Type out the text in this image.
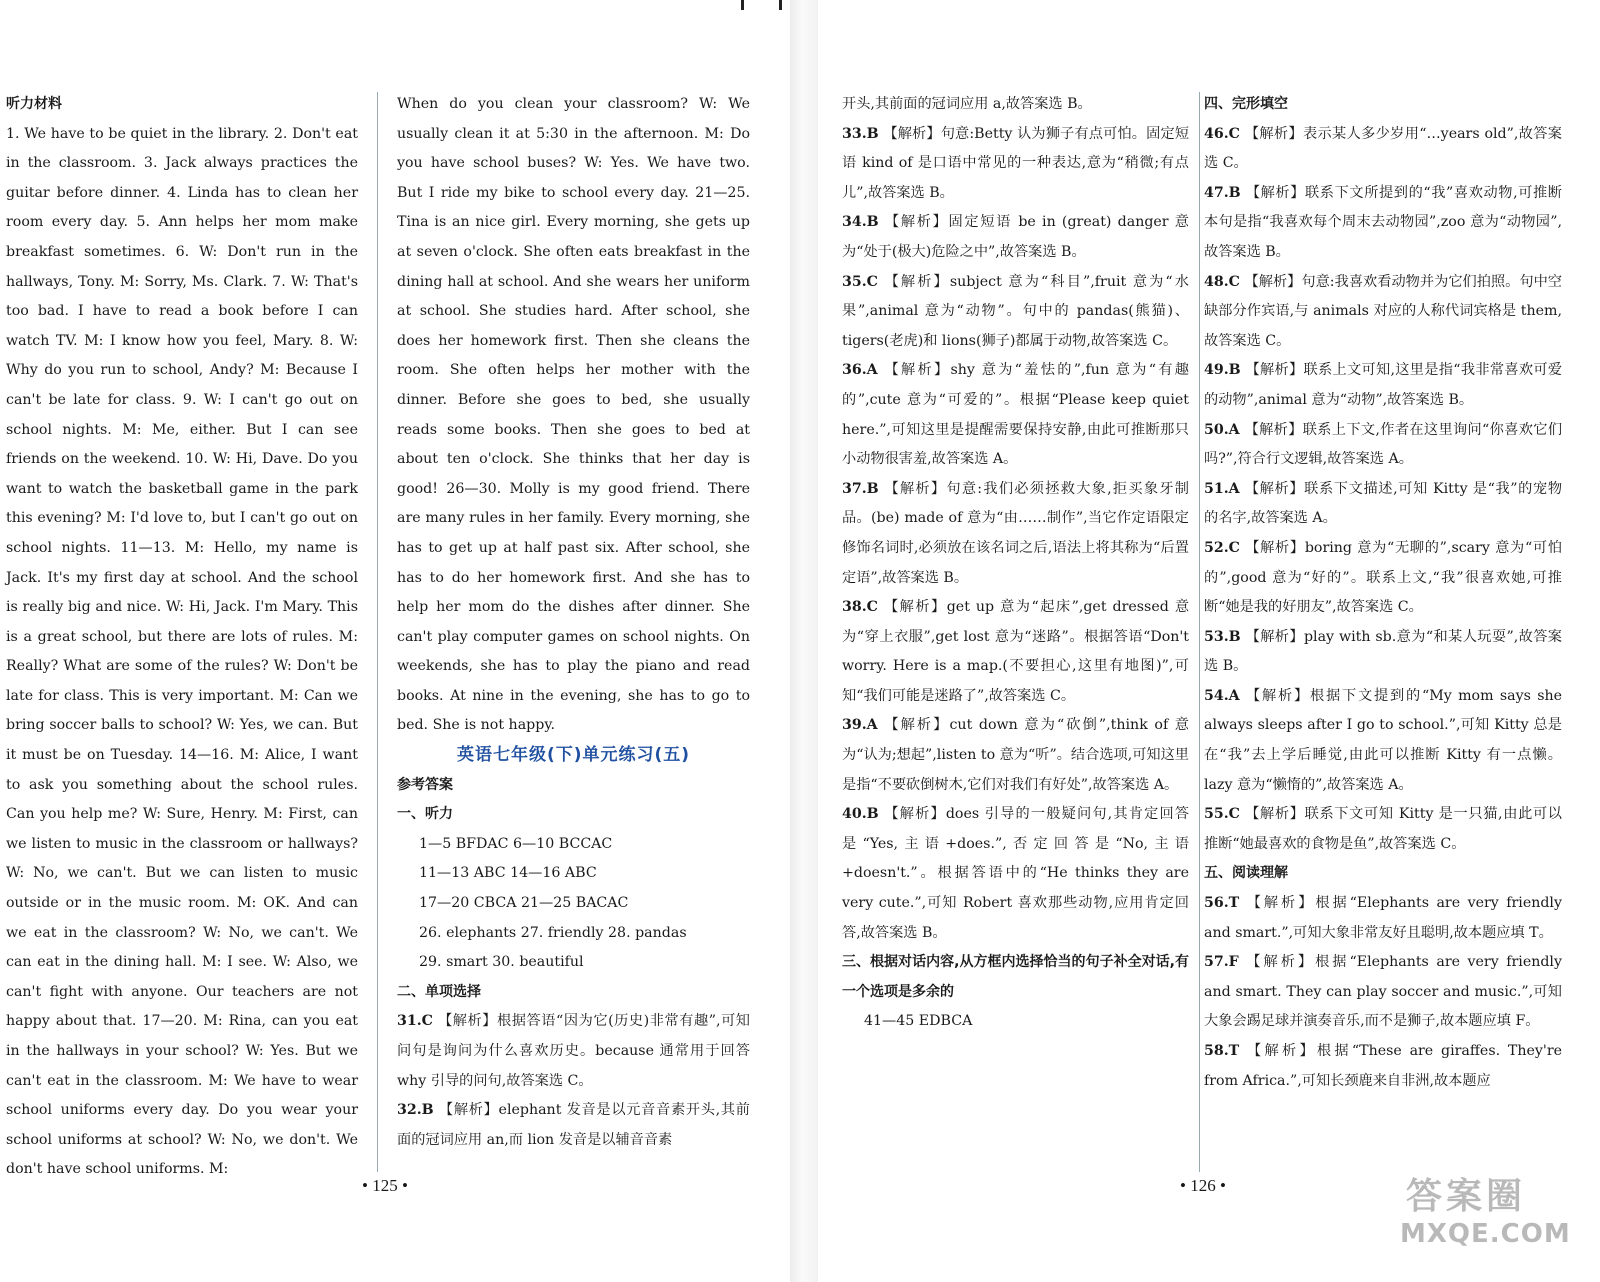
听力材料

1. We have to be quiet in the library. 2. Don't eat in the classroom. 3. Jack always practices the guitar before dinner. 4. Linda has to clean her room every day. 5. Ann helps her mom make breakfast sometimes. 6. W: Don't run in the hallways, Tony. M: Sorry, Ms. Clark. 7. W: That's too bad. I have to read a book before I can watch TV. M: I know how you feel, Mary. 8. W: Why do you run to school, Andy? M: Because I can't be late for class. 9. W: I can't go out on school nights. M: Me, either. But I can see friends on the weekend. 10. W: Hi, Dave. Do you want to watch the basketball game in the park this evening? M: I'd love to, but I can't go out on school nights. 11—13. M: Hello, my name is Jack. It's my first day at school. And the school is really big and nice. W: Hi, Jack. I'm Mary. This is a great school, but there are lots of rules. M: Really? What are some of the rules? W: Don't be late for class. This is very important. M: Can we bring soccer balls to school? W: Yes, we can. But it must be on Tuesday. 14—16. M: Alice, I want to ask you something about the school rules. Can you help me? W: Sure, Henry. M: First, can we listen to music in the classroom or hallways? W: No, we can't. But we can listen to music outside or in the music room. M: OK. And can we eat in the classroom? W: No, we can't. We can eat in the dining hall. M: I see. W: Also, we can't fight with anyone. Our teachers are not happy about that. 17—20. M: Rina, can you eat in the hallways in your school? W: Yes. But we can't eat in the classroom. M: We have to wear school uniforms every day. Do you wear your school uniforms at school? W: No, we don't. We don't have school uniforms. M:

When do you clean your classroom? W: We usually clean it at 5:30 in the afternoon. M: Do you have school buses? W: Yes. We have two. But I ride my bike to school every day. 21—25. Tina is an nice girl. Every morning, she gets up at seven o'clock. She often eats breakfast in the dining hall at school. And she wears her uniform at school. She studies hard. After school, she does her homework first. Then she cleans the room. She often helps her mother with the dinner. Before she goes to bed, she usually reads some books. Then she goes to bed at about ten o'clock. She thinks that her day is good! 26—30. Molly is my good friend. There are many rules in her family. Every morning, she has to get up at half past six. After school, she has to do her homework first. And she has to help her mom do the dishes after dinner. She can't play computer games on school nights. On weekends, she has to play the piano and read books. At nine in the evening, she has to go to bed. She is not happy.

英语七年级(下)单元练习(五)

参考答案

一、听力

1—5 BFDAC 6—10 BCCAC

11—13 ABC 14—16 ABC

17—20 CBCA 21—25 BACAC

26. elephants 27. friendly 28. pandas

29. smart 30. beautiful

二、单项选择

31.C 【解析】根据答语“因为它(历史)非常有趣”,可知问句是询问为什么喜欢历史。because 通常用于回答 why 引导的问句,故答案选 C。

32.B 【解析】elephant 发音是以元音音素开头,其前面的冠词应用 an,而 lion 发音是以辅音音素

• 125 •

开头,其前面的冠词应用 a,故答案选 B。

33.B 【解析】句意:Betty 认为狮子有点可怕。固定短语 kind of 是口语中常见的一种表达,意为“稍微;有点儿”,故答案选 B。

34.B 【解析】固定短语 be in (great) danger 意为“处于(极大)危险之中”,故答案选 B。

35.C 【解析】subject 意为“科目”,fruit 意为“水果”,animal 意为“动物”。句中的 pandas(熊猫)、tigers(老虎)和 lions(狮子)都属于动物,故答案选 C。

36.A 【解析】shy 意为“羞怯的”,fun 意为“有趣的”,cute 意为“可爱的”。根据“Please keep quiet here.”,可知这里是提醒需要保持安静,由此可推断那只小动物很害羞,故答案选 A。

37.B 【解析】句意:我们必须拯救大象,拒买象牙制品。(be) made of 意为“由……制作”,当它作定语限定修饰名词时,必须放在该名词之后,语法上将其称为“后置定语”,故答案选 B。

38.C 【解析】get up 意为“起床”,get dressed 意为“穿上衣服”,get lost 意为“迷路”。根据答语“Don't worry. Here is a map.(不要担心,这里有地图)”,可知“我们可能是迷路了”,故答案选 C。

39.A 【解析】cut down 意为“砍倒”,think of 意为“认为;想起”,listen to 意为“听”。结合选项,可知这里是指“不要砍倒树木,它们对我们有好处”,故答案选 A。

40.B 【解析】does 引导的一般疑问句,其肯定回答是“Yes,主语+does.”,否定回答是“No,主语+doesn't.”。根据答语中的“He thinks they are very cute.”,可知 Robert 喜欢那些动物,应用肯定回答,故答案选 B。

三、根据对话内容,从方框内选择恰当的句子补全对话,有一个选项是多余的

41—45 EDBCA

四、完形填空

46.C 【解析】表示某人多少岁用“…years old”,故答案选 C。

47.B 【解析】联系下文所提到的“我”喜欢动物,可推断本句是指“我喜欢每个周末去动物园”,zoo 意为“动物园”,故答案选 B。

48.C 【解析】句意:我喜欢看动物并为它们拍照。句中空缺部分作宾语,与 animals 对应的人称代词宾格是 them,故答案选 C。

49.B 【解析】联系上文可知,这里是指“我非常喜欢可爱的动物”,animal 意为“动物”,故答案选 B。

50.A 【解析】联系上下文,作者在这里询问“你喜欢它们吗?”,符合行文逻辑,故答案选 A。

51.A 【解析】联系下文描述,可知 Kitty 是“我”的宠物的名字,故答案选 A。

52.C 【解析】boring 意为“无聊的”,scary 意为“可怕的”,good 意为“好的”。联系上文,“我”很喜欢她,可推断“她是我的好朋友”,故答案选 C。

53.B 【解析】play with sb.意为“和某人玩耍”,故答案选 B。

54.A 【解析】根据下文提到的“My mom says she always sleeps after I go to school.”,可知 Kitty 总是在“我”去上学后睡觉,由此可以推断 Kitty 有一点懒。lazy 意为“懒惰的”,故答案选 A。

55.C 【解析】联系下文可知 Kitty 是一只猫,由此可以推断“她最喜欢的食物是鱼”,故答案选 C。

五、阅读理解

56.T 【解析】根据“Elephants are very friendly and smart.”,可知大象非常友好且聪明,故本题应填 T。

57.F 【解析】根据“Elephants are very friendly and smart. They can play soccer and music.”,可知大象会踢足球并演奏音乐,而不是狮子,故本题应填 F。

58.T 【解析】根据“These are giraffes. They're from Africa.”,可知长颈鹿来自非洲,故本题应

• 126 •	答案圈
MXQE.COM
